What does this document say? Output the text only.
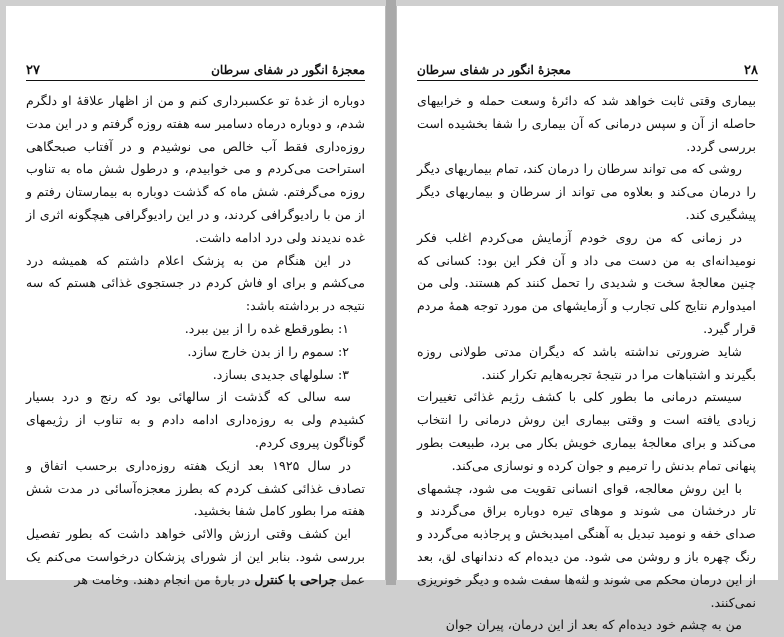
۲۷	معجزهٔ انگور در شفای سرطان

دوباره از غدهٔ تو عکسبرداری کنم و من از اظهار علاقهٔ او دلگرم شدم، و دوباره درماه دسامبر سه هفته روزه گرفتم و در این مدت روزه‌داری فقط آب خالص می نوشیدم و در آفتاب صبحگاهی استراحت می‌کردم و می خوابیدم، و درطول شش ماه به تناوب روزه می‌گرفتم. شش ماه که گذشت دوباره به بیمارستان رفتم و از من با رادیوگرافی کردند، و در این رادیوگرافی هیچگونه اثری از غده نديدند ولی درد ادامه داشت.

در این هنگام من به پزشک اعلام داشتم که همیشه درد می‌کشم و برای او فاش کردم در جستجوی غذائی هستم که سه نتیجه در برداشته باشد:

۱: بطورقطع غده را از بین ببرد.

۲: سموم را از بدن خارج سازد.

۳: سلولهای جدیدی بسازد.

سه سالی که گذشت از سالهائی بود که رنج و درد بسیار کشیدم ولی به روزه‌داری ادامه دادم و به تناوب از رژیمهای گوناگون پیروی کردم.

در سال ۱۹۲۵ بعد ازیک هفته روزه‌داری برحسب اتفاق و تصادف غذائی کشف کردم که بطرز معجزه‌آسائی در مدت شش هفته مرا بطور کامل شفا بخشید.

این کشف وقتی ارزش والائی خواهد داشت که بطور تفصیل بررسی شود. بنابر این از شورای پزشکان درخواست می‌کنم یک عمل جراحی با کنترل در بارهٔ من انجام دهند. وخامت هر

معجزهٔ انگور در شفای سرطان	۲۸

بیماری وقتی ثابت خواهد شد که دائرهٔ وسعت حمله و خرابیهای حاصله از آن و سپس درمانی که آن بیماری را شفا بخشیده است بررسی گردد.

روشی که می تواند سرطان را درمان کند، تمام بیماریهای دیگر را درمان می‌کند و بعلاوه می تواند از سرطان و بیماریهای دیگر پیشگیری کند.

در زمانی که من روی خودم آزمایش می‌کردم اغلب فکر نومیدانه‌ای به من دست می داد و آن فکر این بود: کسانی که چنین معالجهٔ سخت و شدیدی را تحمل کنند کم هستند. ولی من امیدوارم نتایج کلی تجارب و آزمایشهای من مورد توجه همهٔ مردم قرار گیرد.

شاید ضرورتی نداشته باشد که دیگران مدتی طولانی روزه بگیرند و اشتباهات مرا در نتیجهٔ تجربه‌هایم تکرار کنند.

سیستم درمانی ما بطور کلی با کشف رژیم غذائی تغییرات زیادی یافته است و وقتی بیماری این روش درمانی را انتخاب می‌کند و برای معالجهٔ بیماری خویش بکار می برد، طبیعت بطور پنهانی تمام بدنش را ترمیم و جوان کرده و نوسازی می‌کند.

با این روش معالجه، قوای انسانی تقویت می شود، چشمهای تار درخشان می شوند و موهای تیره دوباره براق می‌گردند و صدای خفه و نومید تبدیل به آهنگی امیدبخش و پرجاذبه می‌گردد و رنگ چهره باز و روشن می شود. من دیده‌ام که دندانهای لق، بعد از این درمان محکم می شوند و لثه‌ها سفت شده و دیگر خونریزی نمی‌کنند.

من به چشم خود دیده‌ام که بعد از این درمان، پیران جوان
